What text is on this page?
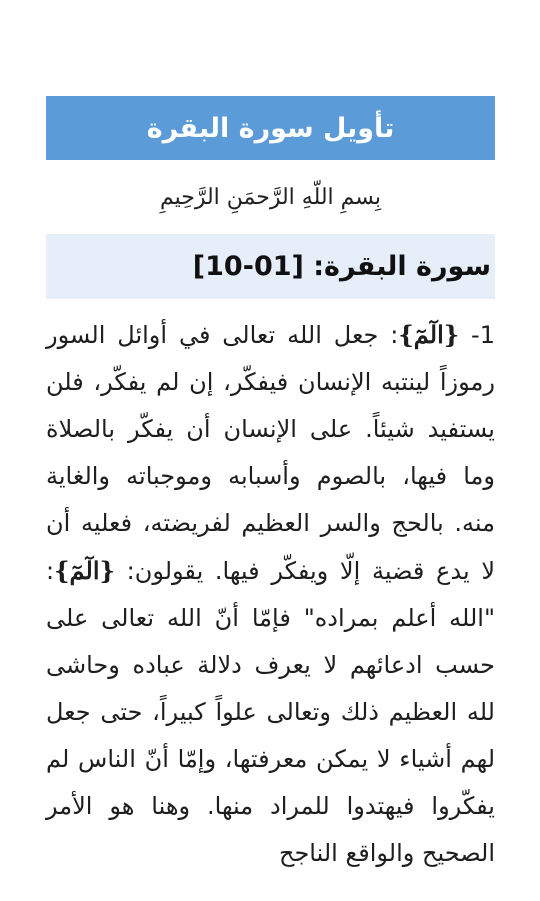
تأويل سورة البقرة
بِسمِ اللّهِ الرَّحمَنِ الرَّحِيمِ
سورة البقرة: [01-10]

1- {الٓمٓ}: جعل الله تعالى في أوائل السور رموزاً لينتبه الإنسان فيفكّر، إن لم يفكّر، فلن يستفيد شيئاً. على الإنسان أن يفكّر بالصلاة وما فيها، بالصوم وأسبابه وموجباته والغاية منه. بالحج والسر العظيم لفريضته، فعليه أن لا يدع قضية إلّا ويفكّر فيها. يقولون: {الٓمٓ}: "الله أعلم بمراده" فإمّا أنّ الله تعالى على حسب ادعائهم لا يعرف دلالة عباده وحاشى لله العظيم ذلك وتعالى علواً كبيراً، حتى جعل لهم أشياء لا يمكن معرفتها، وإمّا أنّ الناس لم يفكّروا فيهتدوا للمراد منها. وهنا هو الأمر الصحيح والواقع الناجح
